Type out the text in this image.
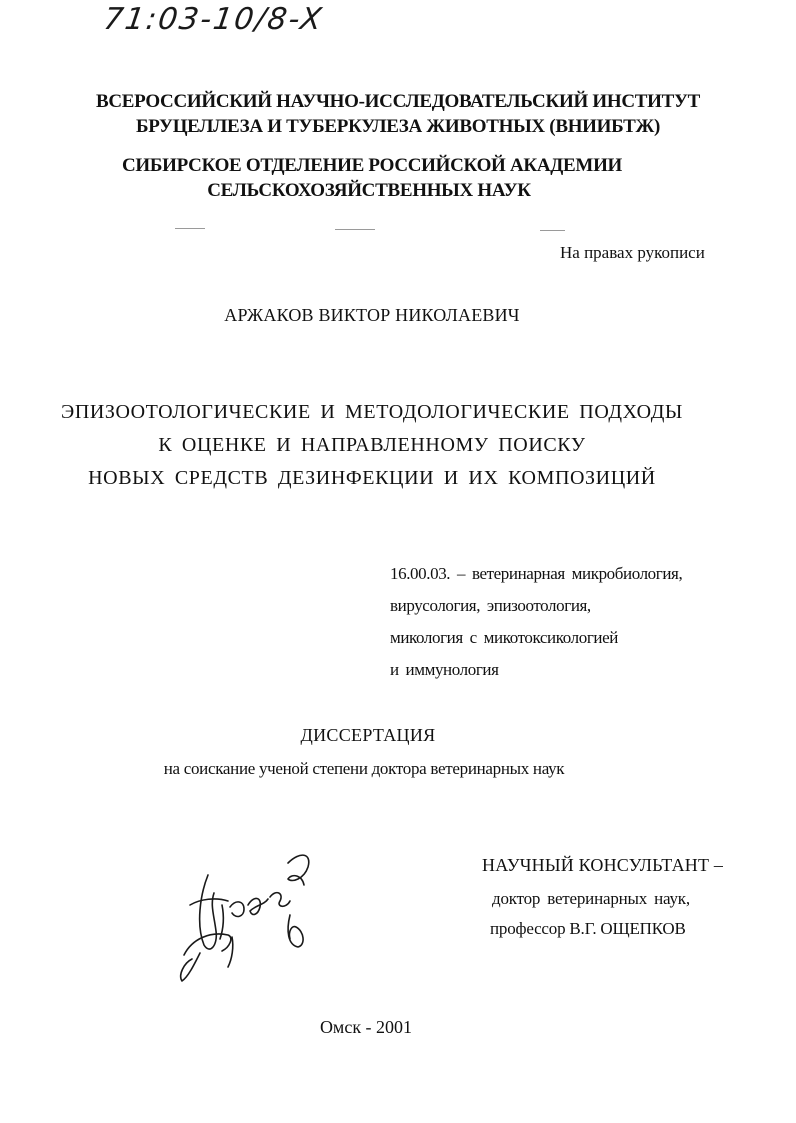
71:03-10/8-X
ВСЕРОССИЙСКИЙ НАУЧНО-ИССЛЕДОВАТЕЛЬСКИЙ ИНСТИТУТ
БРУЦЕЛЛЕЗА И ТУБЕРКУЛЕЗА ЖИВОТНЫХ (ВНИИБТЖ)
СИБИРСКОЕ ОТДЕЛЕНИЕ РОССИЙСКОЙ АКАДЕМИИ
СЕЛЬСКОХОЗЯЙСТВЕННЫХ НАУК
На правах рукописи
АРЖАКОВ ВИКТОР НИКОЛАЕВИЧ
ЭПИЗООТОЛОГИЧЕСКИЕ И МЕТОДОЛОГИЧЕСКИЕ ПОДХОДЫ
К ОЦЕНКЕ И НАПРАВЛЕННОМУ ПОИСКУ
НОВЫХ СРЕДСТВ ДЕЗИНФЕКЦИИ И ИХ КОМПОЗИЦИЙ
16.00.03. – ветеринарная микробиология,
вирусология, эпизоотология,
микология с микотоксикологией
и иммунология
ДИССЕРТАЦИЯ
на соискание ученой степени доктора ветеринарных наук
НАУЧНЫЙ КОНСУЛЬТАНТ –
доктор ветеринарных наук,
профессор В.Г. ОЩЕПКОВ
Омск - 2001
